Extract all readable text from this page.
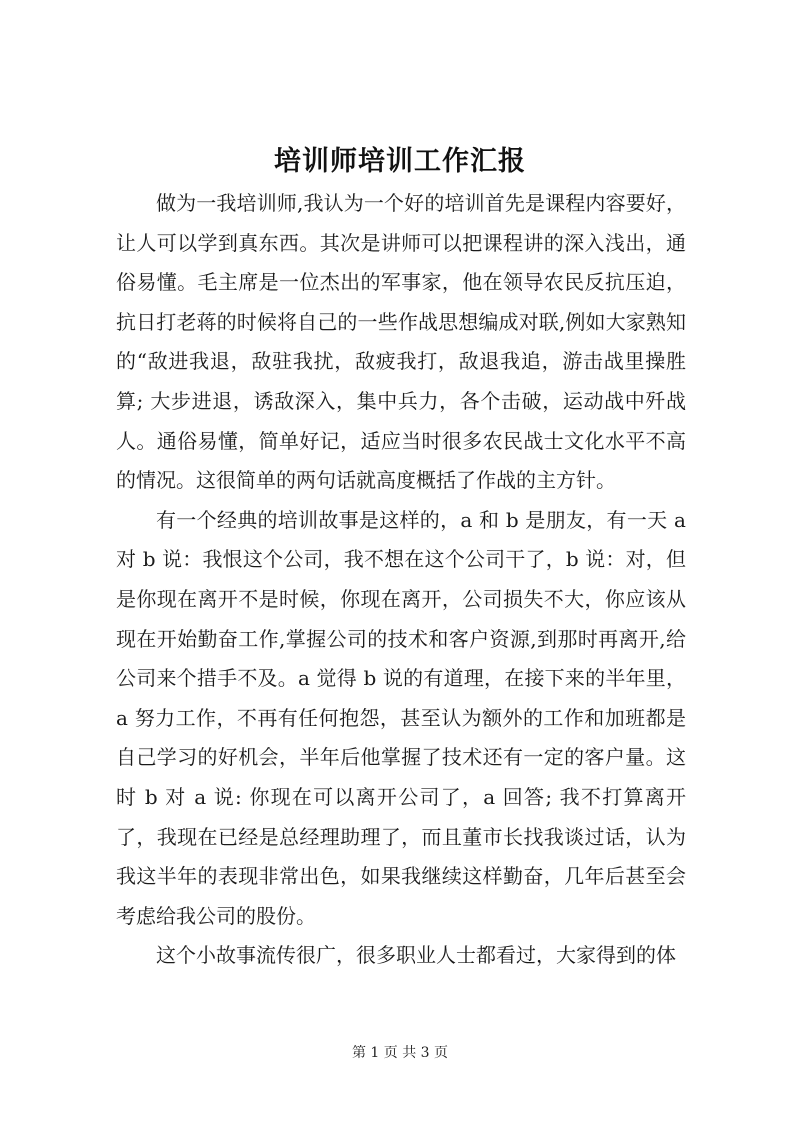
培训师培训工作汇报

做为一我培训师,我认为一个好的培训首先是课程内容要好，让人可以学到真东西。其次是讲师可以把课程讲的深入浅出，通俗易懂。毛主席是一位杰出的军事家，他在领导农民反抗压迫，抗日打老蒋的时候将自己的一些作战思想编成对联,例如大家熟知的“敌进我退，敌驻我扰，敌疲我打，敌退我追，游击战里操胜算; 大步进退，诱敌深入，集中兵力，各个击破，运动战中歼战人。通俗易懂，简单好记，适应当时很多农民战士文化水平不高的情况。这很简单的两句话就高度概括了作战的主方针。

有一个经典的培训故事是这样的，a 和 b 是朋友，有一天 a 对 b 说：我恨这个公司，我不想在这个公司干了，b 说：对，但是你现在离开不是时候，你现在离开，公司损失不大，你应该从现在开始勤奋工作,掌握公司的技术和客户资源,到那时再离开,给公司来个措手不及。a 觉得 b 说的有道理，在接下来的半年里，a 努力工作，不再有任何抱怨，甚至认为额外的工作和加班都是自己学习的好机会，半年后他掌握了技术还有一定的客户量。这时 b 对 a 说: 你现在可以离开公司了，a 回答; 我不打算离开了，我现在已经是总经理助理了，而且董市长找我谈过话，认为我这半年的表现非常出色，如果我继续这样勤奋，几年后甚至会考虑给我公司的股份。

这个小故事流传很广，很多职业人士都看过，大家得到的体

第 1 页 共 3 页
